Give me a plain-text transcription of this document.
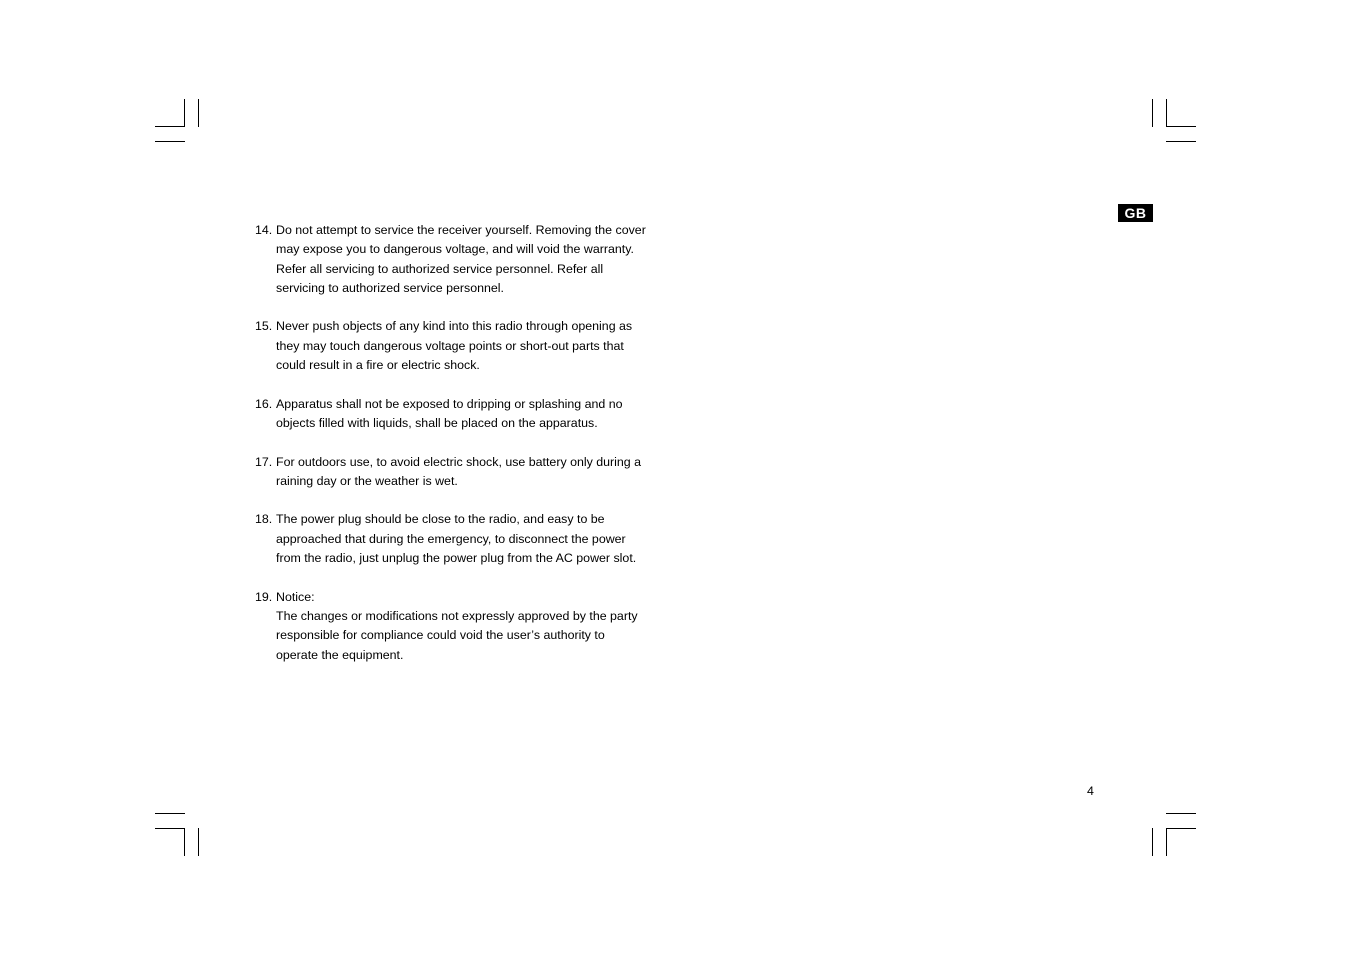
GB
14. Do not attempt to service the receiver yourself. Removing the cover
may expose you to dangerous voltage, and will void the warranty.
Refer all servicing to authorized service personnel. Refer all
servicing to authorized service personnel.
15. Never push objects of any kind into this radio through opening as
they may touch dangerous voltage points or short-out parts that
could result in a fire or electric shock.
16. Apparatus shall not be exposed to dripping or splashing and no
objects filled with liquids, shall be placed on the apparatus.
17. For outdoors use, to avoid electric shock, use battery only during a
raining day or the weather is wet.
18. The power plug should be close to the radio, and easy to be
approached that during the emergency, to disconnect the power
from the radio, just unplug the power plug from the AC power slot.
19. Notice:
The changes or modifications not expressly approved by the party
responsible for compliance could void the user’s authority to
operate the equipment.
4
